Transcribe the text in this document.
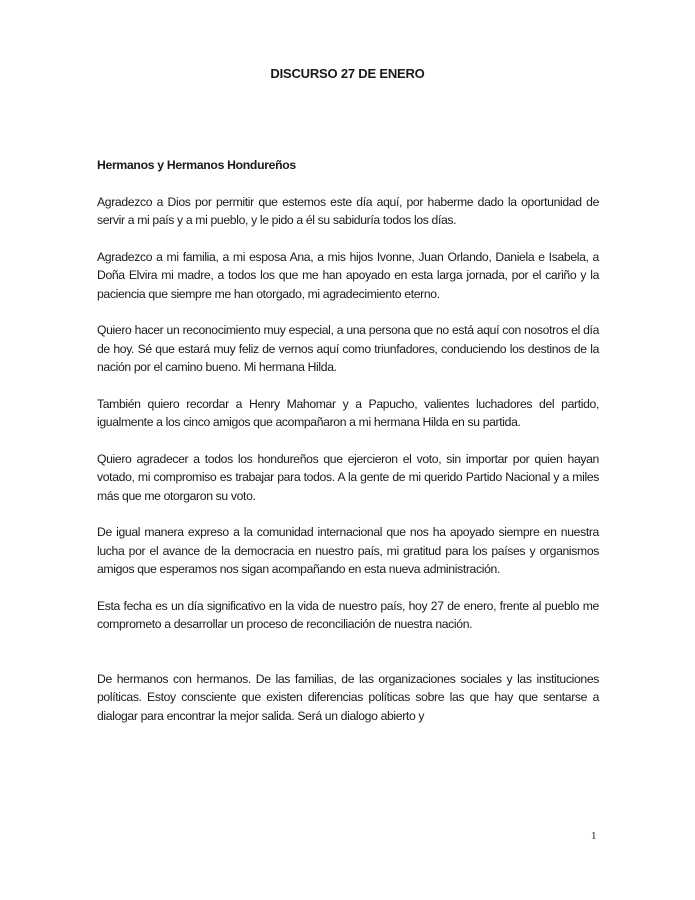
DISCURSO 27 DE ENERO

Hermanos y Hermanos Hondureños

Agradezco a Dios por permitir que estemos este día aquí, por haberme dado la oportunidad de servir a mi país y a mi pueblo, y le pido a él su sabiduría todos los días.

Agradezco a mi familia, a mi esposa Ana, a mis hijos Ivonne, Juan Orlando, Daniela e Isabela, a Doña Elvira mi madre, a todos los que me han apoyado en esta larga jornada, por el cariño y la paciencia que siempre me han otorgado, mi agradecimiento eterno.

Quiero hacer un reconocimiento muy especial, a una persona que no está aquí con nosotros el día de hoy. Sé que estará muy feliz de vernos aquí como triunfadores, conduciendo los destinos de la nación por el camino bueno. Mi hermana Hilda.

También quiero recordar a Henry Mahomar y a Papucho, valientes luchadores del partido, igualmente a los cinco amigos que acompañaron a mi hermana Hilda en su partida.

Quiero agradecer a todos los hondureños que ejercieron el voto, sin importar por quien hayan votado, mi compromiso es trabajar para todos. A la gente de mi querido Partido Nacional y a miles más que me otorgaron su voto.

De igual manera expreso a la comunidad internacional que nos ha apoyado siempre en nuestra lucha por el avance de la democracia en nuestro país, mi gratitud para los países y organismos amigos que esperamos nos sigan acompañando en esta nueva administración.

Esta fecha es un día significativo en la vida de nuestro país, hoy 27 de enero, frente al pueblo me comprometo a desarrollar un proceso de reconciliación de nuestra nación.

De hermanos con hermanos. De las familias, de las organizaciones sociales y las instituciones políticas. Estoy consciente que existen diferencias políticas sobre las que hay que sentarse a dialogar para encontrar la mejor salida. Será un dialogo abierto y

1
